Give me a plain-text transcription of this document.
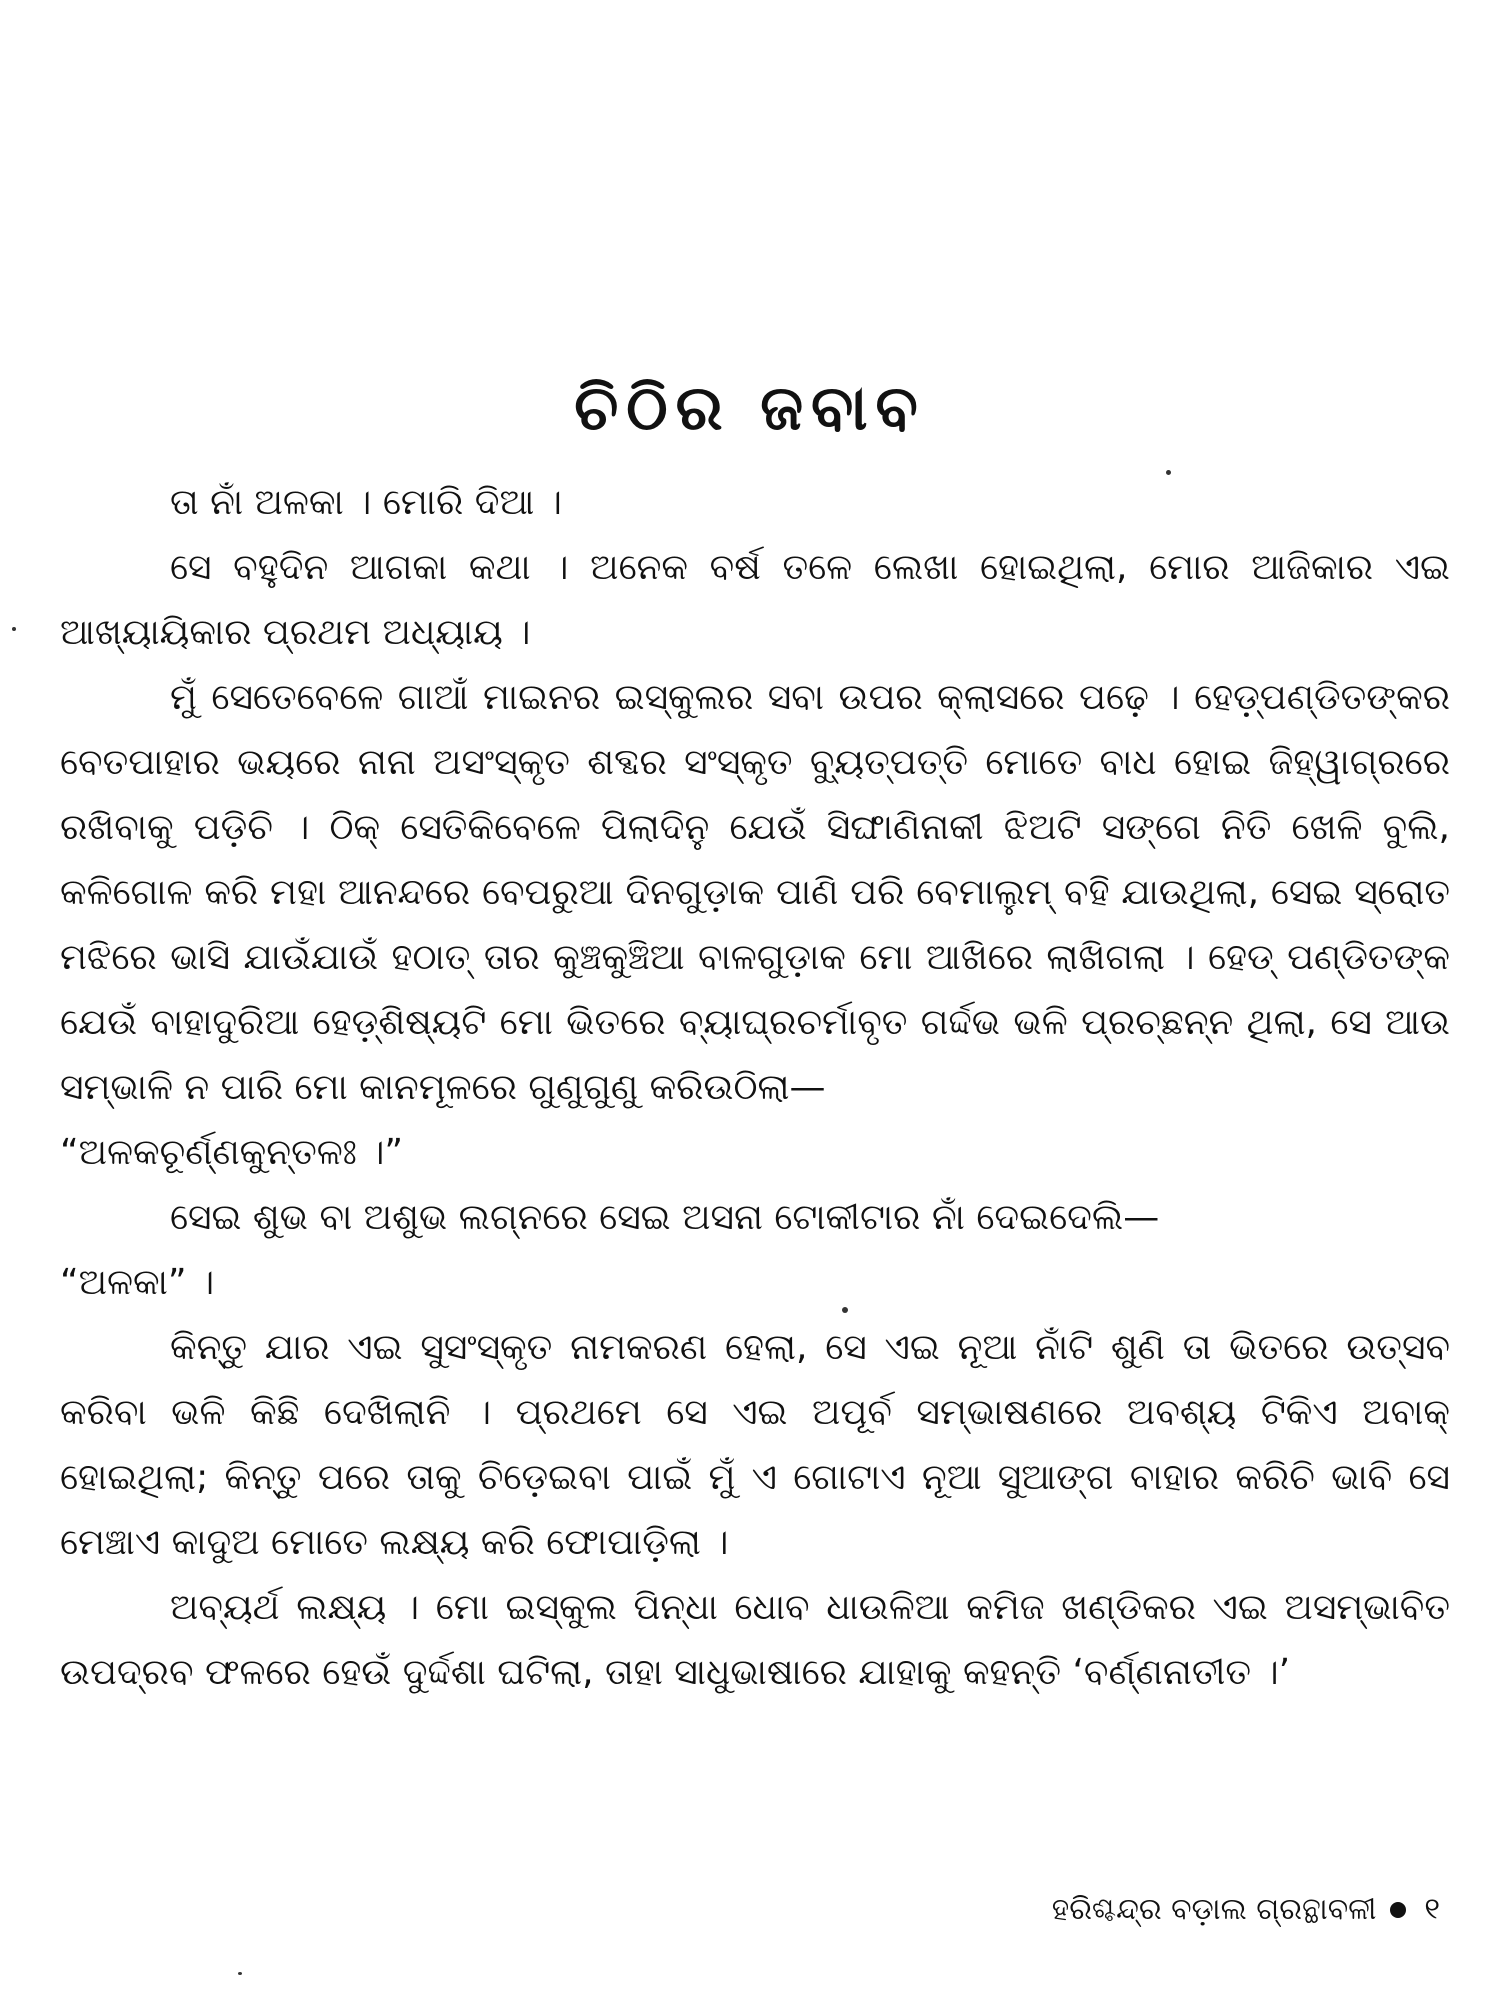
ଚିଠିର ଜବାବ

ତା ନାଁ ଅଳକା । ମୋରି ଦିଆ ।

ସେ ବହୁଦିନ ଆଗକା କଥା । ଅନେକ ବର୍ଷ ତଳେ ଲେଖା ହୋଇଥିଲା, ମୋର ଆଜିକାର ଏଇ ଆଖ୍ୟାୟିକାର ପ୍ରଥମ ଅଧ୍ୟାୟ ।

ମୁଁ ସେତେବେଳେ ଗାଆଁ ମାଇନର ଇସ୍କୁଲର ସବା ଉପର କ୍ଲାସରେ ପଢ଼େ । ହେଡ଼୍‌ପଣ୍ଡିତଙ୍କର ବେତପାହାର ଭୟରେ ନାନା ଅସଂସ୍କୃତ ଶବ୍ଦର ସଂସ୍କୃତ ବ୍ୟୁତ୍‌ପତ୍ତି ମୋତେ ବାଧ ହୋଇ ଜିହ୍ୱାଗ୍ରରେ ରଖିବାକୁ ପଡ଼ିଚି । ଠିକ୍ ସେତିକିବେଳେ ପିଲାଦିନୁ ଯେଉଁ ସିଙ୍ଘାଣିନାକୀ ଝିଅଟି ସଙ୍ଗେ ନିତି ଖେଳି ବୁଲି, କଳିଗୋଳ କରି ମହା ଆନନ୍ଦରେ ବେପରୁଆ ଦିନଗୁଡ଼ାକ ପାଣି ପରି ବେମାଲୁମ୍ ବହି ଯାଉଥିଲା, ସେଇ ସ୍ରୋତ ମଝିରେ ଭାସି ଯାଉଁଯାଉଁ ହଠାତ୍ ତାର କୁଞ୍ଚକୁଞ୍ଚିଆ ବାଳଗୁଡ଼ାକ ମୋ ଆଖିରେ ଲାଖିଗଲା । ହେଡ୍ ପଣ୍ଡିତଙ୍କ ଯେଉଁ ବାହାଦୁରିଆ ହେଡ଼୍‌ଶିଷ୍ୟଟି ମୋ ଭିତରେ ବ୍ୟାଘ୍ରଚର୍ମାବୃତ ଗର୍ଦ୍ଦଭ ଭଳି ପ୍ରଚ୍ଛନ୍ନ ଥିଲା, ସେ ଆଉ ସମ୍ଭାଳି ନ ପାରି ମୋ କାନମୂଳରେ ଗୁଣୁଗୁଣୁ କରିଉଠିଲା—

“ଅଳକଚୂର୍ଣ୍ଣକୁନ୍ତଳଃ ।”

ସେଇ ଶୁଭ ବା ଅଶୁଭ ଲଗ୍ନରେ ସେଇ ଅସନା ଟୋକୀଟାର ନାଁ ଦେଇଦେଲି—

“ଅଳକା” ।

କିନ୍ତୁ ଯାର ଏଇ ସୁସଂସ୍କୃତ ନାମକରଣ ହେଲା, ସେ ଏଇ ନୂଆ ନାଁଟି ଶୁଣି ତା ଭିତରେ ଉତ୍ସବ କରିବା ଭଳି କିଛି ଦେଖିଲାନି । ପ୍ରଥମେ ସେ ଏଇ ଅପୂର୍ବ ସମ୍ଭାଷଣରେ ଅବଶ୍ୟ ଟିକିଏ ଅବାକ୍ ହୋଇଥିଲା; କିନ୍ତୁ ପରେ ତାକୁ ଚିଡ଼େଇବା ପାଇଁ ମୁଁ ଏ ଗୋଟାଏ ନୂଆ ସୁଆଙ୍ଗ ବାହାର କରିଚି ଭାବି ସେ ମେଞ୍ଚାଏ କାଦୁଅ ମୋତେ ଲକ୍ଷ୍ୟ କରି ଫୋପାଡ଼ିଲା ।

ଅବ୍ୟର୍ଥ ଲକ୍ଷ୍ୟ । ମୋ ଇସ୍କୁଲ ପିନ୍ଧା ଧୋବ ଧାଉଳିଆ କମିଜ ଖଣ୍ଡିକର ଏଇ ଅସମ୍ଭାବିତ ଉପଦ୍ରବ ଫଳରେ ହେଉଁ ଦୁର୍ଦ୍ଦଶା ଘଟିଲା, ତାହା ସାଧୁଭାଷାରେ ଯାହାକୁ କହନ୍ତି ‘ବର୍ଣ୍ଣନାତୀତ ।’

ହରିଶ୍ଚନ୍ଦ୍ର ବଡ଼ାଲ ଗ୍ରନ୍ଥାବଳୀ ୧
